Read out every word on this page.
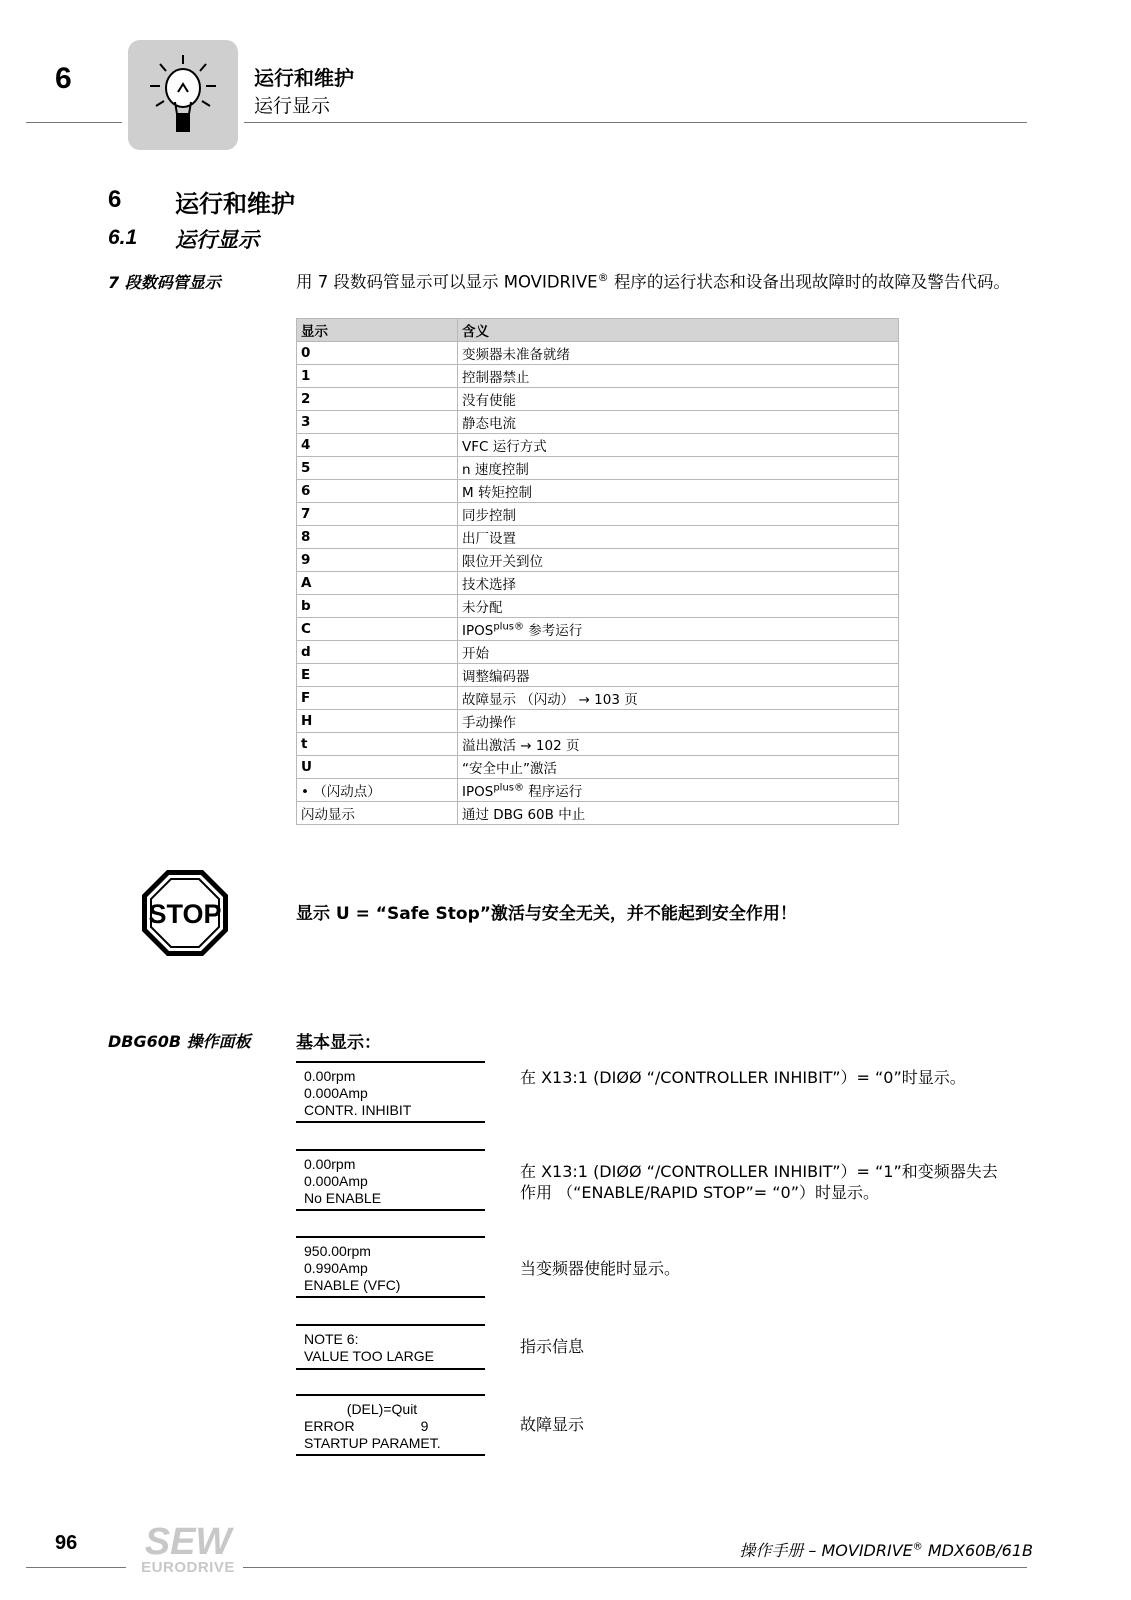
6	运行和维护
运行显示
6 运行和维护
6.1 运行显示
7 段数码管显示	用 7 段数码管显示可以显示 MOVIDRIVE® 程序的运行状态和设备出现故障时的故障及警告代码。
显示	含义
0	变频器未准备就绪
1	控制器禁止
2	没有使能
3	静态电流
4	VFC 运行方式
5	n 速度控制
6	M 转矩控制
7	同步控制
8	出厂设置
9	限位开关到位
A	技术选择
b	未分配
C	$IPOS^{plus®}$ 参考运行
d	开始
E	调整编码器
F	故障显示 （闪动） → 103 页
H	手动操作
t	溢出激活 → 102 页
U	“安全中止”激活
• （闪动点）	$IPOS^{plus®}$ 程序运行
闪动显示	通过 DBG 60B 中止
STOP	显示 U = “Safe Stop”激活与安全无关，并不能起到安全作用！
DBG60B 操作面板	基本显示：
0.00rpm
0.000Amp
CONTR. INHIBIT
在 X13:1 (DIØØ “/CONTROLLER INHIBIT”）= “0”时显示。
0.00rpm
0.000Amp
No ENABLE
在 X13:1 (DIØØ “/CONTROLLER INHIBIT”）= “1”和变频器失去作用 （“ENABLE/RAPID STOP”= “0”）时显示。
950.00rpm
0.990Amp
ENABLE (VFC)
当变频器使能时显示。
NOTE 6:
VALUE TOO LARGE	指示信息
(DEL)=Quit
ERROR                 9
STARTUP PARAMET.
故障显示
96 SEW
EURODRIVE
操作手册 – MOVIDRIVE® MDX60B/61B
